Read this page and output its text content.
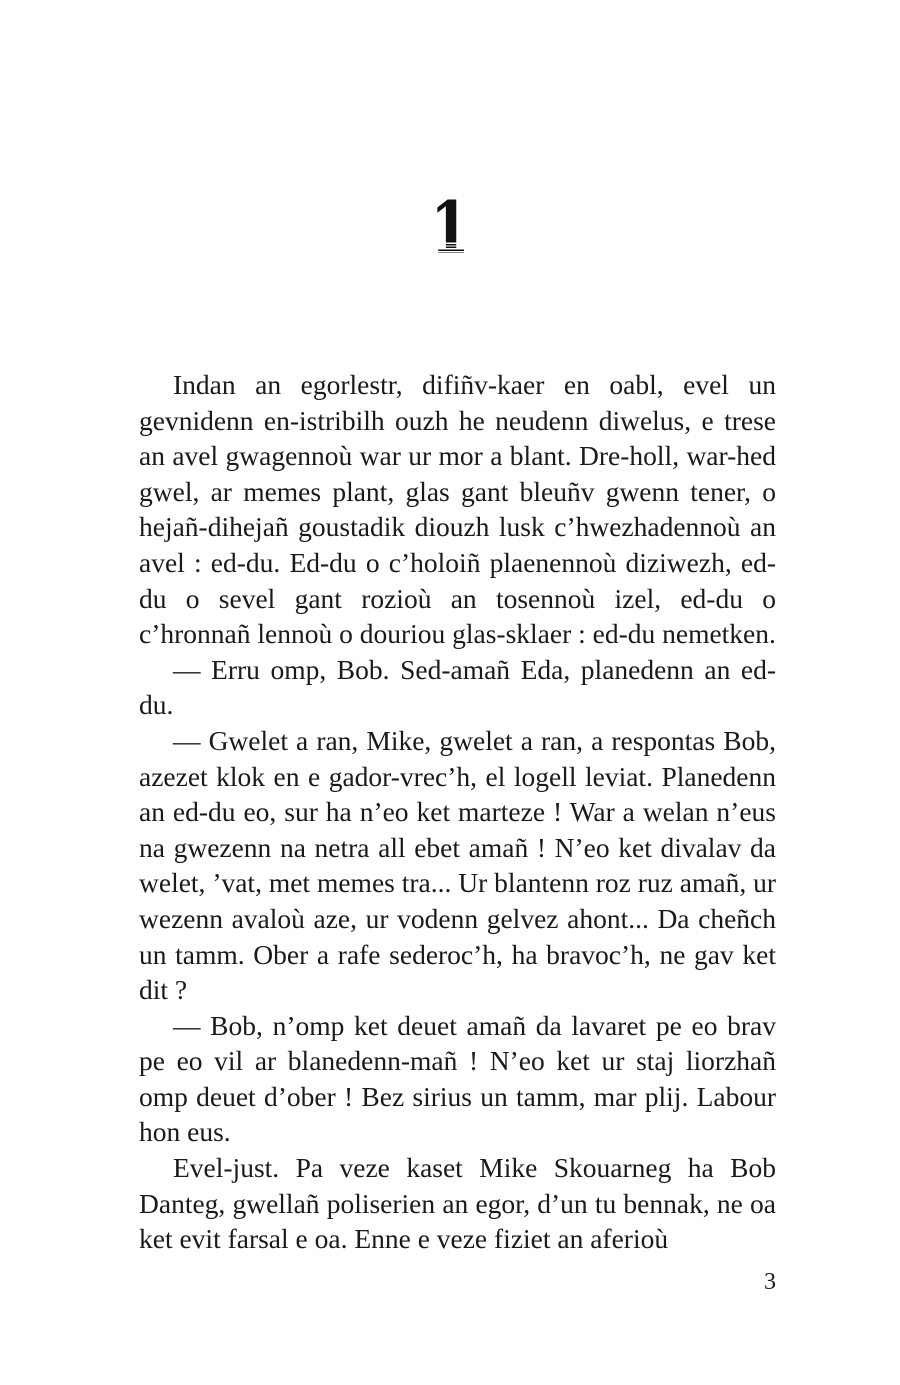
1

Indan an egorlestr, difiñv-kaer en oabl, evel un gevnidenn en-istribilh ouzh he neudenn diwelus, e trese an avel gwagennoù war ur mor a blant. Dre-holl, war-hed gwel, ar memes plant, glas gant bleuñv gwenn tener, o hejañ-dihejañ goustadik diouzh lusk c’hwezhadennoù an avel : ed-du. Ed-du o c’holoiñ plaenennoù diziwezh, ed-du o sevel gant rozioù an tosennoù izel, ed-du o c’hronnañ lennoù o douriou glas-sklaer : ed-du nemetken.

— Erru omp, Bob. Sed-amañ Eda, planedenn an ed-du.

— Gwelet a ran, Mike, gwelet a ran, a respontas Bob, azezet klok en e gador-vrec’h, el logell leviat. Planedenn an ed-du eo, sur ha n’eo ket marteze ! War a welan n’eus na gwezenn na netra all ebet amañ ! N’eo ket divalav da welet, ’vat, met memes tra... Ur blantenn roz ruz amañ, ur wezenn avaloù aze, ur vodenn gelvez ahont... Da cheñch un tamm. Ober a rafe sederoc’h, ha bravoc’h, ne gav ket dit ?

— Bob, n’omp ket deuet amañ da lavaret pe eo brav pe eo vil ar blanedenn-mañ ! N’eo ket ur staj liorzhañ omp deuet d’ober ! Bez sirius un tamm, mar plij. Labour hon eus.

Evel-just. Pa veze kaset Mike Skouarneg ha Bob Danteg, gwellañ poliserien an egor, d’un tu bennak, ne oa ket evit farsal e oa. Enne e veze fiziet an aferioù

3
